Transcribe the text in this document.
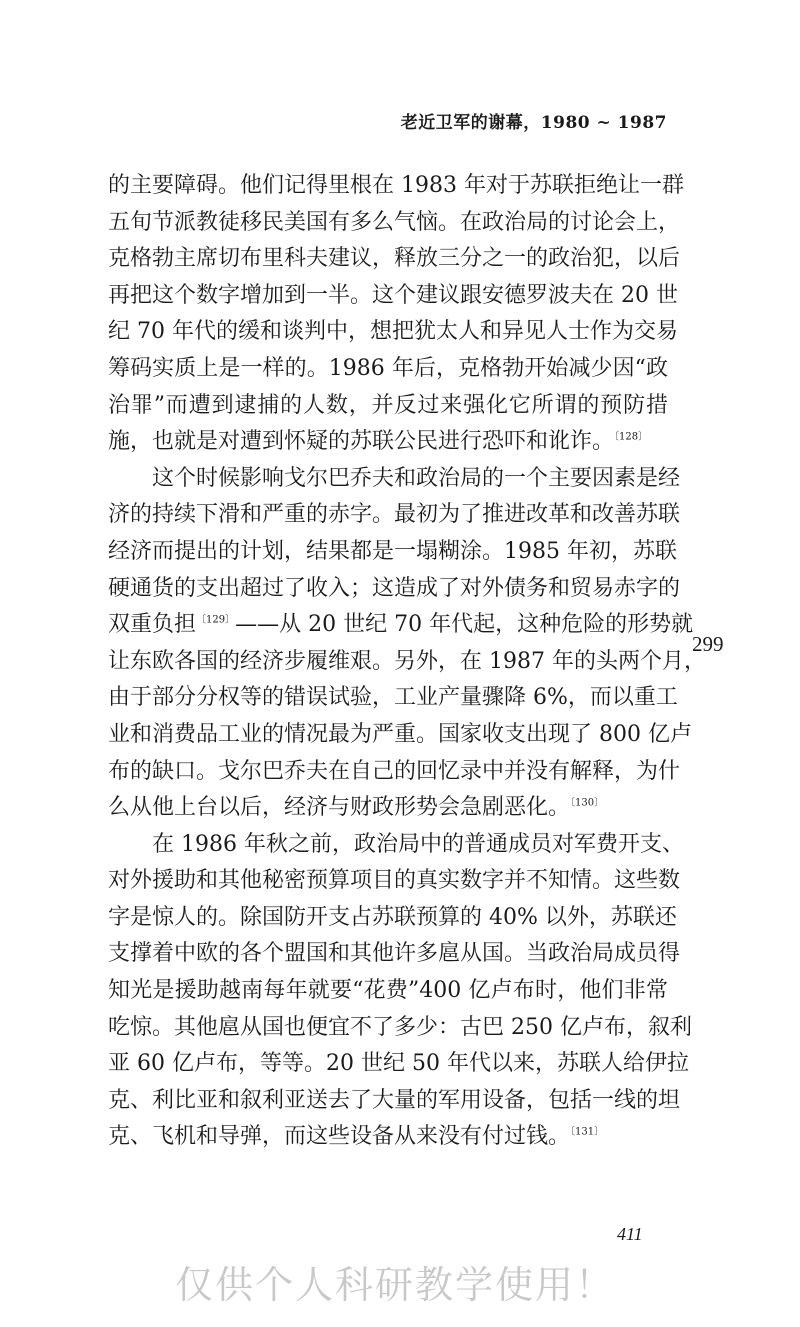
老近卫军的谢幕，1980 ~ 1987
的主要障碍。他们记得里根在 1983 年对于苏联拒绝让一群
五旬节派教徒移民美国有多么气恼。在政治局的讨论会上，
克格勃主席切布里科夫建议，释放三分之一的政治犯，以后
再把这个数字增加到一半。这个建议跟安德罗波夫在 20 世
纪 70 年代的缓和谈判中，想把犹太人和异见人士作为交易
筹码实质上是一样的。1986 年后，克格勃开始减少因“政
治罪”而遭到逮捕的人数，并反过来强化它所谓的预防措
施，也就是对遭到怀疑的苏联公民进行恐吓和讹诈。$^{〔128〕}$
这个时候影响戈尔巴乔夫和政治局的一个主要因素是经
济的持续下滑和严重的赤字。最初为了推进改革和改善苏联
经济而提出的计划，结果都是一塌糊涂。1985 年初，苏联
硬通货的支出超过了收入；这造成了对外债务和贸易赤字的
双重负担$^{〔129〕}$——从 20 世纪 70 年代起，这种危险的形势就
让东欧各国的经济步履维艰。另外，在 1987 年的头两个月，
由于部分分权等的错误试验，工业产量骤降 6%，而以重工
业和消费品工业的情况最为严重。国家收支出现了 800 亿卢
布的缺口。戈尔巴乔夫在自己的回忆录中并没有解释，为什
么从他上台以后，经济与财政形势会急剧恶化。$^{〔130〕}$
在 1986 年秋之前，政治局中的普通成员对军费开支、
对外援助和其他秘密预算项目的真实数字并不知情。这些数
字是惊人的。除国防开支占苏联预算的 40% 以外，苏联还
支撑着中欧的各个盟国和其他许多扈从国。当政治局成员得
知光是援助越南每年就要“花费”400 亿卢布时，他们非常
吃惊。其他扈从国也便宜不了多少：古巴 250 亿卢布，叙利
亚 60 亿卢布，等等。20 世纪 50 年代以来，苏联人给伊拉
克、利比亚和叙利亚送去了大量的军用设备，包括一线的坦
克、飞机和导弹，而这些设备从来没有付过钱。$^{〔131〕}$
299
411
仅供个人科研教学使用！
